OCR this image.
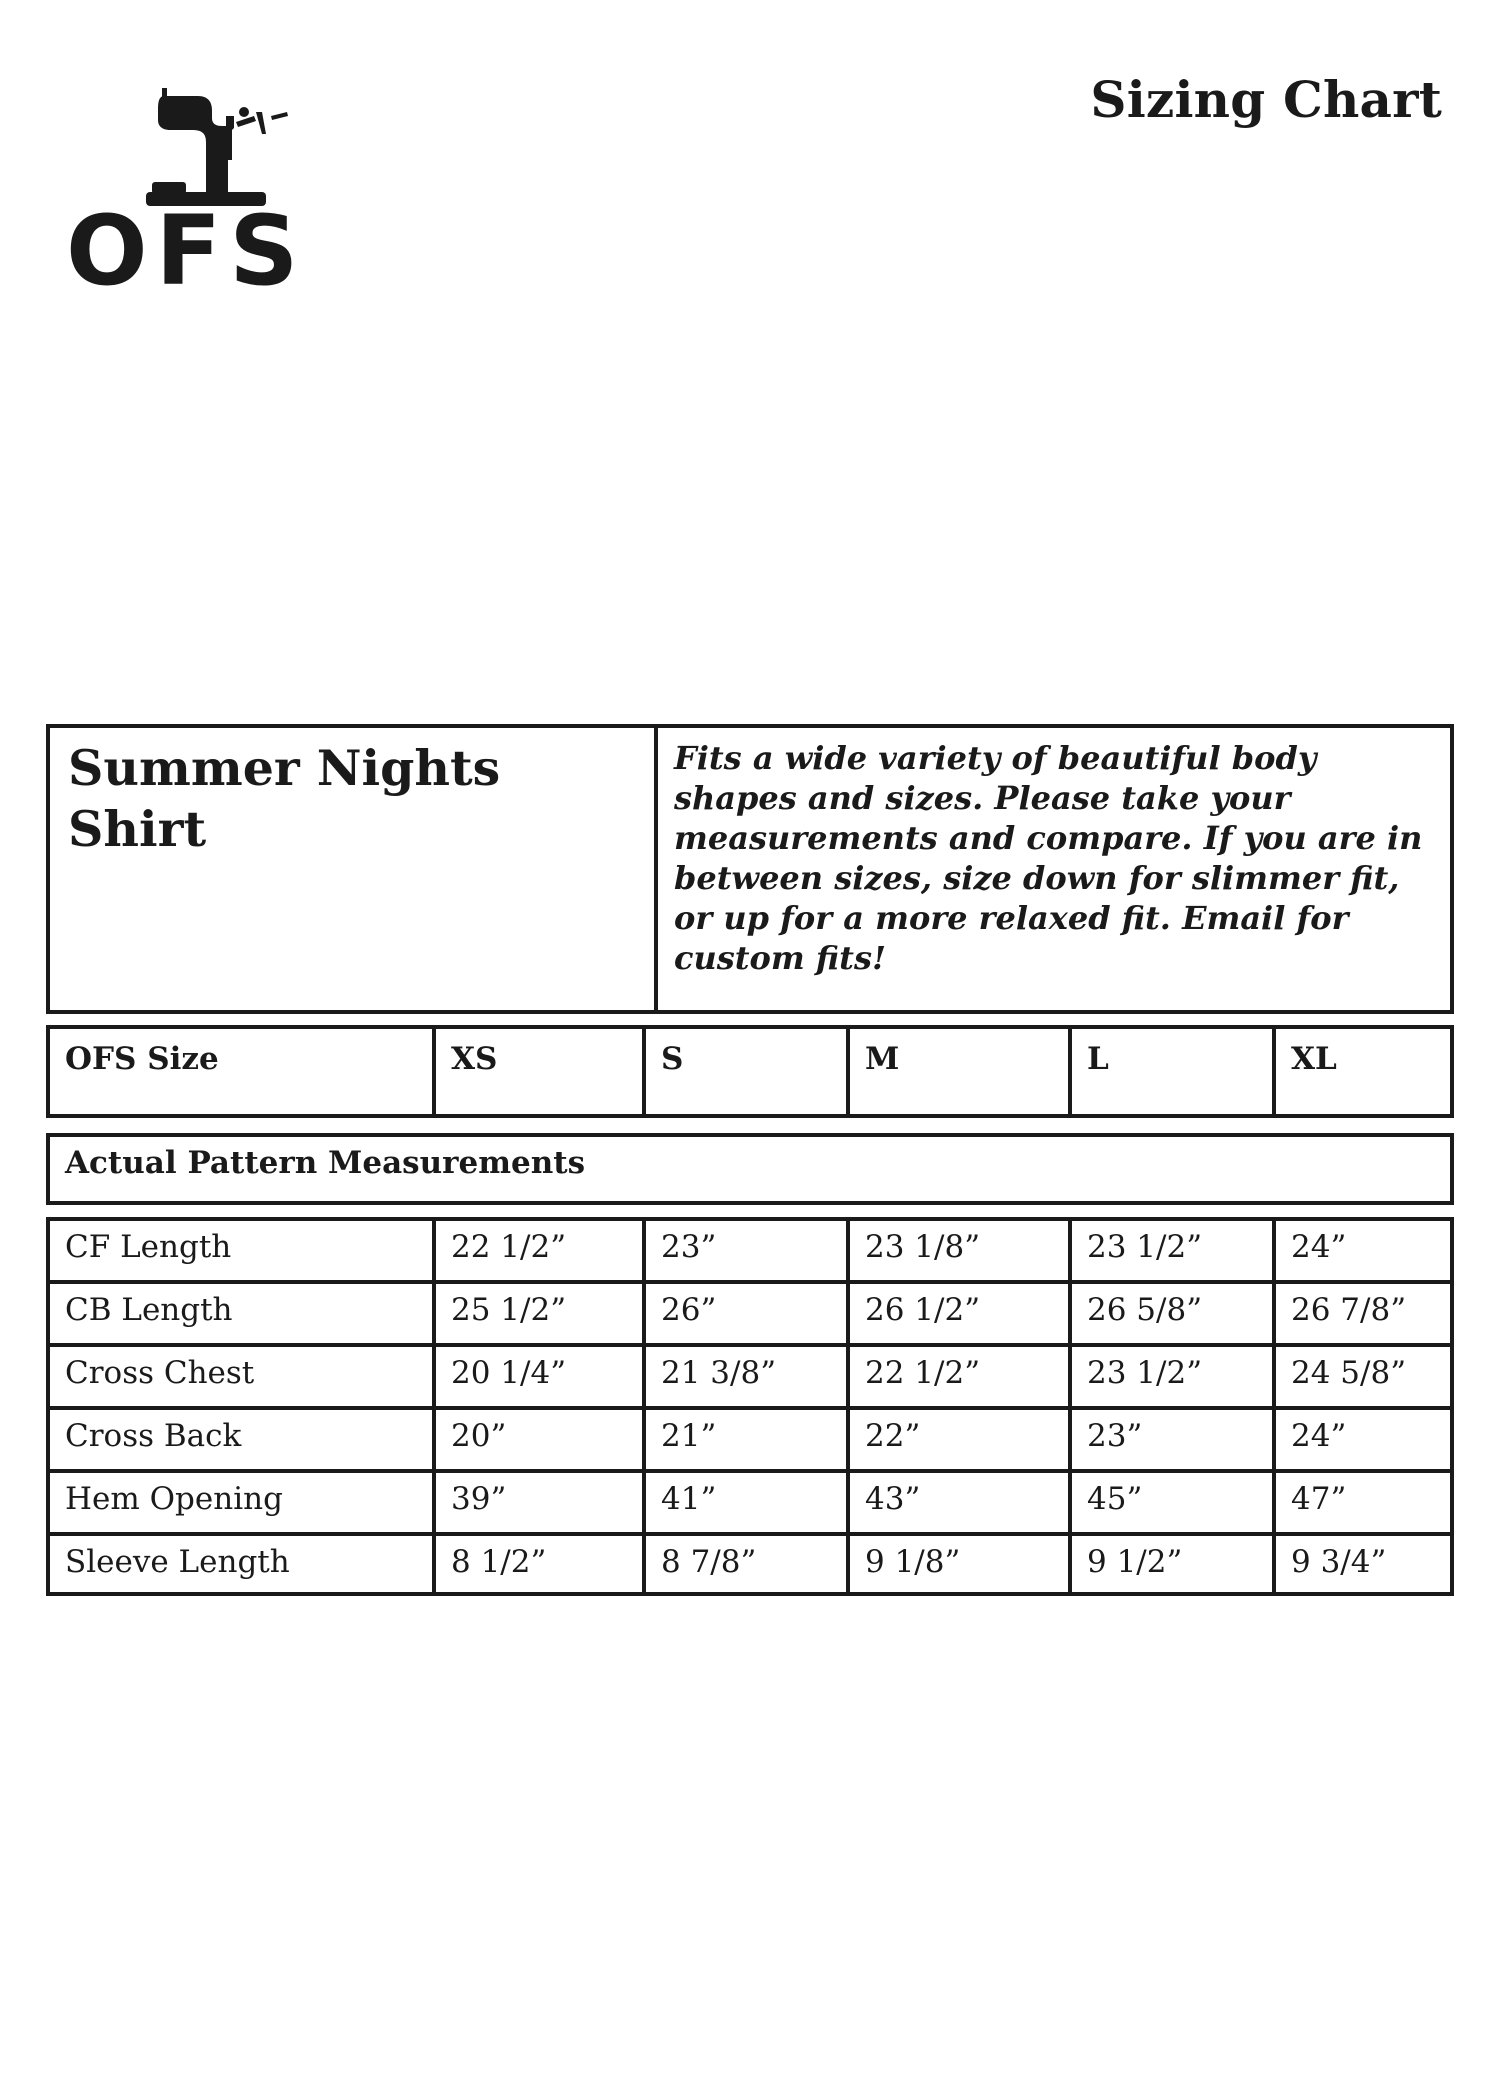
OFS
Sizing Chart
Summer Nights Shirt
Fits a wide variety of beautiful body shapes and sizes. Please take your measurements and compare. If you are in between sizes, size down for slimmer fit, or up for a more relaxed fit. Email for custom fits!
OFS Size	XS	S	M	L	XL
Actual Pattern Measurements
CF Length	22 1/2”	23”	23 1/8”	23 1/2”	24”
CB Length	25 1/2”	26”	26 1/2”	26 5/8”	26 7/8”
Cross Chest	20 1/4”	21 3/8”	22 1/2”	23 1/2”	24 5/8”
Cross Back	20”	21”	22”	23”	24”
Hem Opening	39”	41”	43”	45”	47”
Sleeve Length	8 1/2”	8 7/8”	9 1/8”	9 1/2”	9 3/4”
